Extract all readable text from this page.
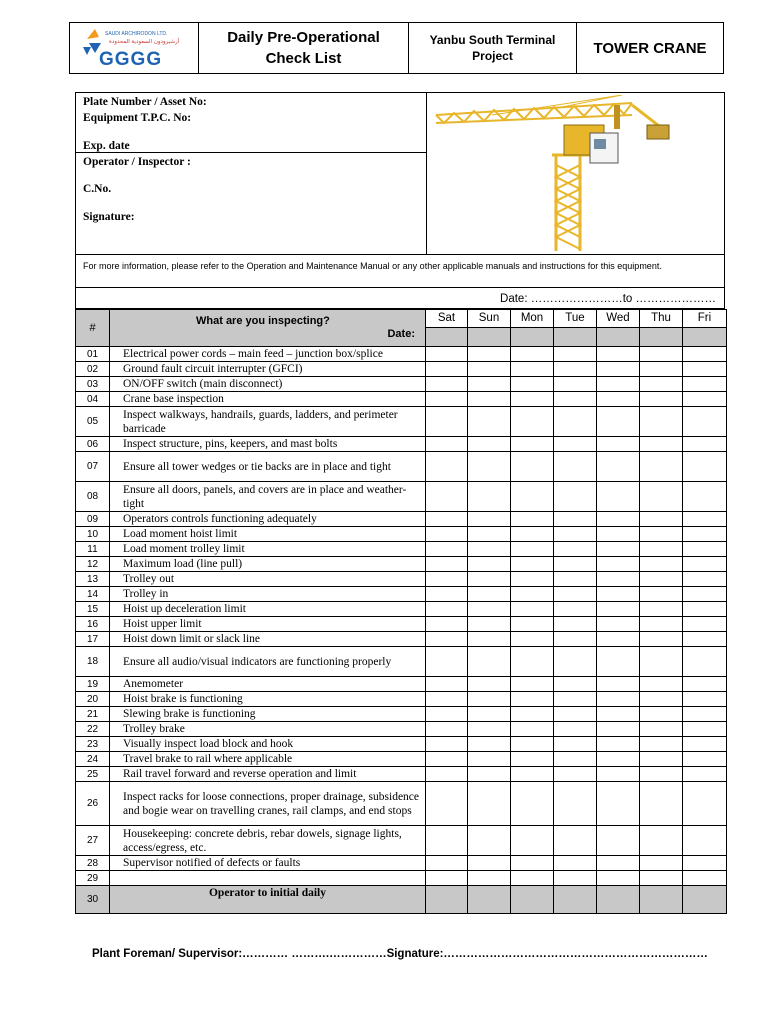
SAUDI ARCHIRODON LTD.
أرشيرودون السعودية المحدودة
GGGG
Daily Pre-Operational
Check List
Yanbu South Terminal
Project	TOWER CRANE
Plate Number / Asset No:
Equipment T.P.C. No:
Exp. date
Operator / Inspector :
C.No.
Signature:
For more information, please refer to the Operation and Maintenance Manual or any other applicable manuals and instructions for this equipment.
Date: ……………………to …………………
#	What are you inspecting?
Date:	Sat	Sun	Mon	Tue	Wed	Thu	Fri

01	Electrical power cords – main feed – junction box/splice							
02	Ground fault circuit interrupter (GFCI)							
03	ON/OFF switch (main disconnect)							
04	Crane base inspection							
05	Inspect walkways, handrails, guards, ladders, and perimeter barricade							
06	Inspect structure, pins, keepers, and mast bolts							
07	Ensure all tower wedges or tie backs are in place and tight							
08	Ensure all doors, panels, and covers are in place and weather-tight							
09	Operators controls functioning adequately							
10	Load moment hoist limit							
11	Load moment trolley limit							
12	Maximum load (line pull)							
13	Trolley out							
14	Trolley in							
15	Hoist up deceleration limit							
16	Hoist upper limit							
17	Hoist down limit or slack line							
18	Ensure all audio/visual indicators are functioning properly							
19	Anemometer							
20	Hoist brake is functioning							
21	Slewing brake is functioning							
22	Trolley brake							
23	Visually inspect load block and hook							
24	Travel brake to rail where applicable							
25	Rail travel forward and reverse operation and limit							
26	Inspect racks for loose connections, proper drainage, subsidence and bogie wear on travelling cranes, rail clamps, and end stops							
27	Housekeeping: concrete debris, rebar dowels, signage lights, access/egress, etc.							
28	Supervisor notified of defects or faults							
29								
30	Operator to initial daily							
Plant Foreman/ Supervisor:………… ……….……………Signature:……………………………………………………………
